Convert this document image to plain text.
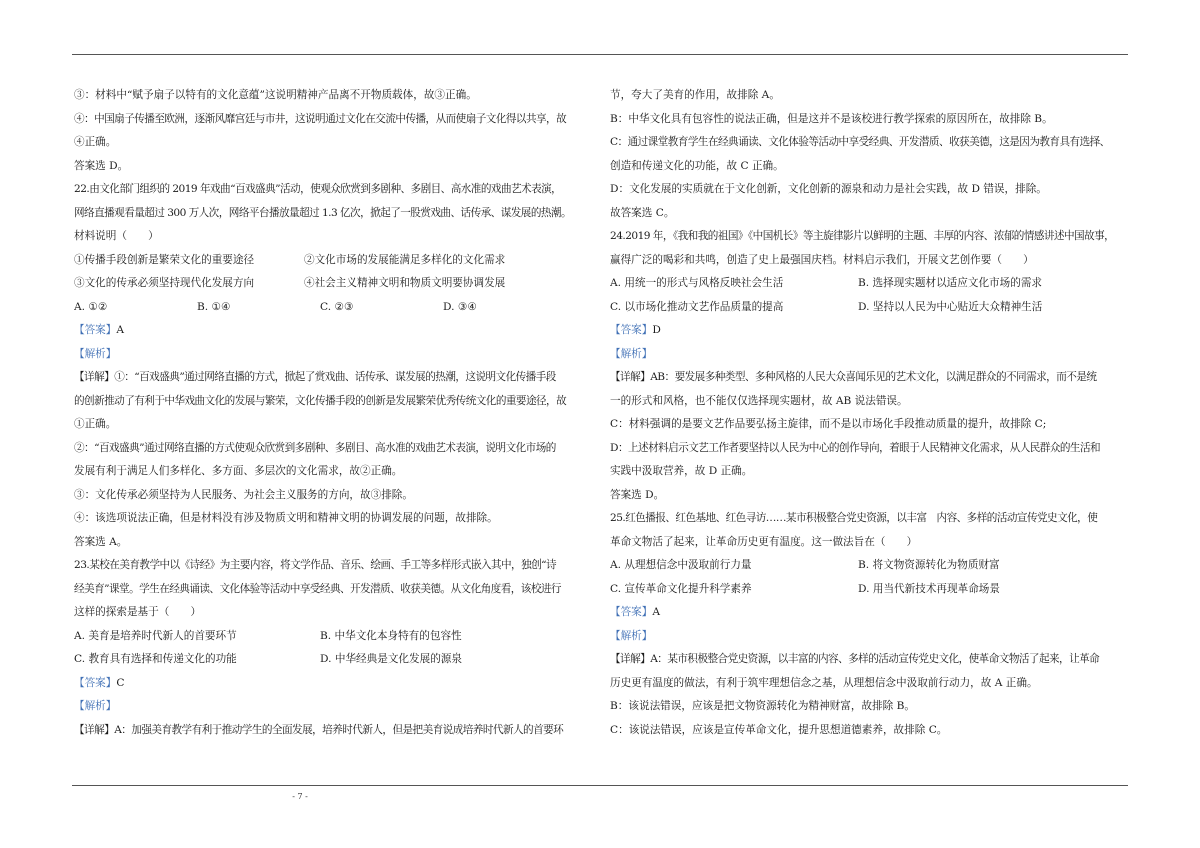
③：材料中“赋予扇子以特有的文化意蕴”这说明精神产品离不开物质载体，故③正确。
④：中国扇子传播至欧洲，逐渐风靡宫廷与市井，这说明通过文化在交流中传播，从而使扇子文化得以共享，故
④正确。
答案选 D。
22.由文化部门组织的 2019 年戏曲“百戏盛典”活动，使观众欣赏到多剧种、多剧目、高水准的戏曲艺术表演，
网络直播观看量超过 300 万人次，网络平台播放量超过 1.3 亿次，掀起了一股赏戏曲、话传承、谋发展的热潮。
材料说明（　　）
①传播手段创新是繁荣文化的重要途径	②文化市场的发展能满足多样化的文化需求
③文化的传承必须坚持现代化发展方向	④社会主义精神文明和物质文明要协调发展
A. ①②	B. ①④	C. ②③	D. ③④
【答案】A
【解析】
【详解】①：“百戏盛典”通过网络直播的方式，掀起了赏戏曲、话传承、谋发展的热潮，这说明文化传播手段
的创新推动了有利于中华戏曲文化的发展与繁荣，文化传播手段的创新是发展繁荣优秀传统文化的重要途径，故
①正确。
②：“百戏盛典”通过网络直播的方式使观众欣赏到多剧种、多剧目、高水准的戏曲艺术表演，说明文化市场的
发展有利于满足人们多样化、多方面、多层次的文化需求，故②正确。
③：文化传承必须坚持为人民服务、为社会主义服务的方向，故③排除。
④：该选项说法正确，但是材料没有涉及物质文明和精神文明的协调发展的问题，故排除。
答案选 A。
23.某校在美育教学中以《诗经》为主要内容，将文学作品、音乐、绘画、手工等多样形式嵌入其中，独创“诗
经美育”课堂。学生在经典诵读、文化体验等活动中享受经典、开发潜质、收获美德。从文化角度看，该校进行
这样的探索是基于（　　）
A. 美育是培养时代新人的首要环节	B. 中华文化本身特有的包容性
C. 教育具有选择和传递文化的功能	D. 中华经典是文化发展的源泉
【答案】C
【解析】
【详解】A：加强美育教学有利于推动学生的全面发展，培养时代新人，但是把美育说成培养时代新人的首要环
节，夸大了美育的作用，故排除 A。
B：中华文化具有包容性的说法正确，但是这并不是该校进行教学探索的原因所在，故排除 B。
C：通过课堂教育学生在经典诵读、文化体验等活动中享受经典、开发潜质、收获美德，这是因为教育具有选择、
创造和传递文化的功能，故 C 正确。
D：文化发展的实质就在于文化创新，文化创新的源泉和动力是社会实践，故 D 错误，排除。
故答案选 C。
24.2019 年，《我和我的祖国》《中国机长》等主旋律影片以鲜明的主题、丰厚的内容、浓郁的情感讲述中国故事，
赢得广泛的喝彩和共鸣，创造了史上最强国庆档。材料启示我们，开展文艺创作要（　　）
A. 用统一的形式与风格反映社会生活	B. 选择现实题材以适应文化市场的需求
C. 以市场化推动文艺作品质量的提高	D. 坚持以人民为中心贴近大众精神生活
【答案】D
【解析】
【详解】AB：要发展多种类型、多种风格的人民大众喜闻乐见的艺术文化，以满足群众的不同需求，而不是统
一的形式和风格，也不能仅仅选择现实题材，故 AB 说法错误。
C：材料强调的是要文艺作品要弘扬主旋律，而不是以市场化手段推动质量的提升，故排除 C;
D：上述材料启示文艺工作者要坚持以人民为中心的创作导向，着眼于人民精神文化需求，从人民群众的生活和
实践中汲取营养，故 D 正确。
答案选 D。
25.红色播报、红色基地、红色寻访……某市积极整合党史资源，以丰富　内容、多样的活动宣传党史文化，使
革命文物活了起来，让革命历史更有温度。这一做法旨在（　　）
A. 从理想信念中汲取前行力量	B. 将文物资源转化为物质财富
C. 宣传革命文化提升科学素养	D. 用当代新技术再现革命场景
【答案】A
【解析】
【详解】A：某市积极整合党史资源，以丰富的内容、多样的活动宣传党史文化，使革命文物活了起来，让革命
历史更有温度的做法，有利于筑牢理想信念之基，从理想信念中汲取前行动力，故 A 正确。
B：该说法错误，应该是把文物资源转化为精神财富，故排除 B。
C：该说法错误，应该是宣传革命文化，提升思想道德素养，故排除 C。
- 7 -
